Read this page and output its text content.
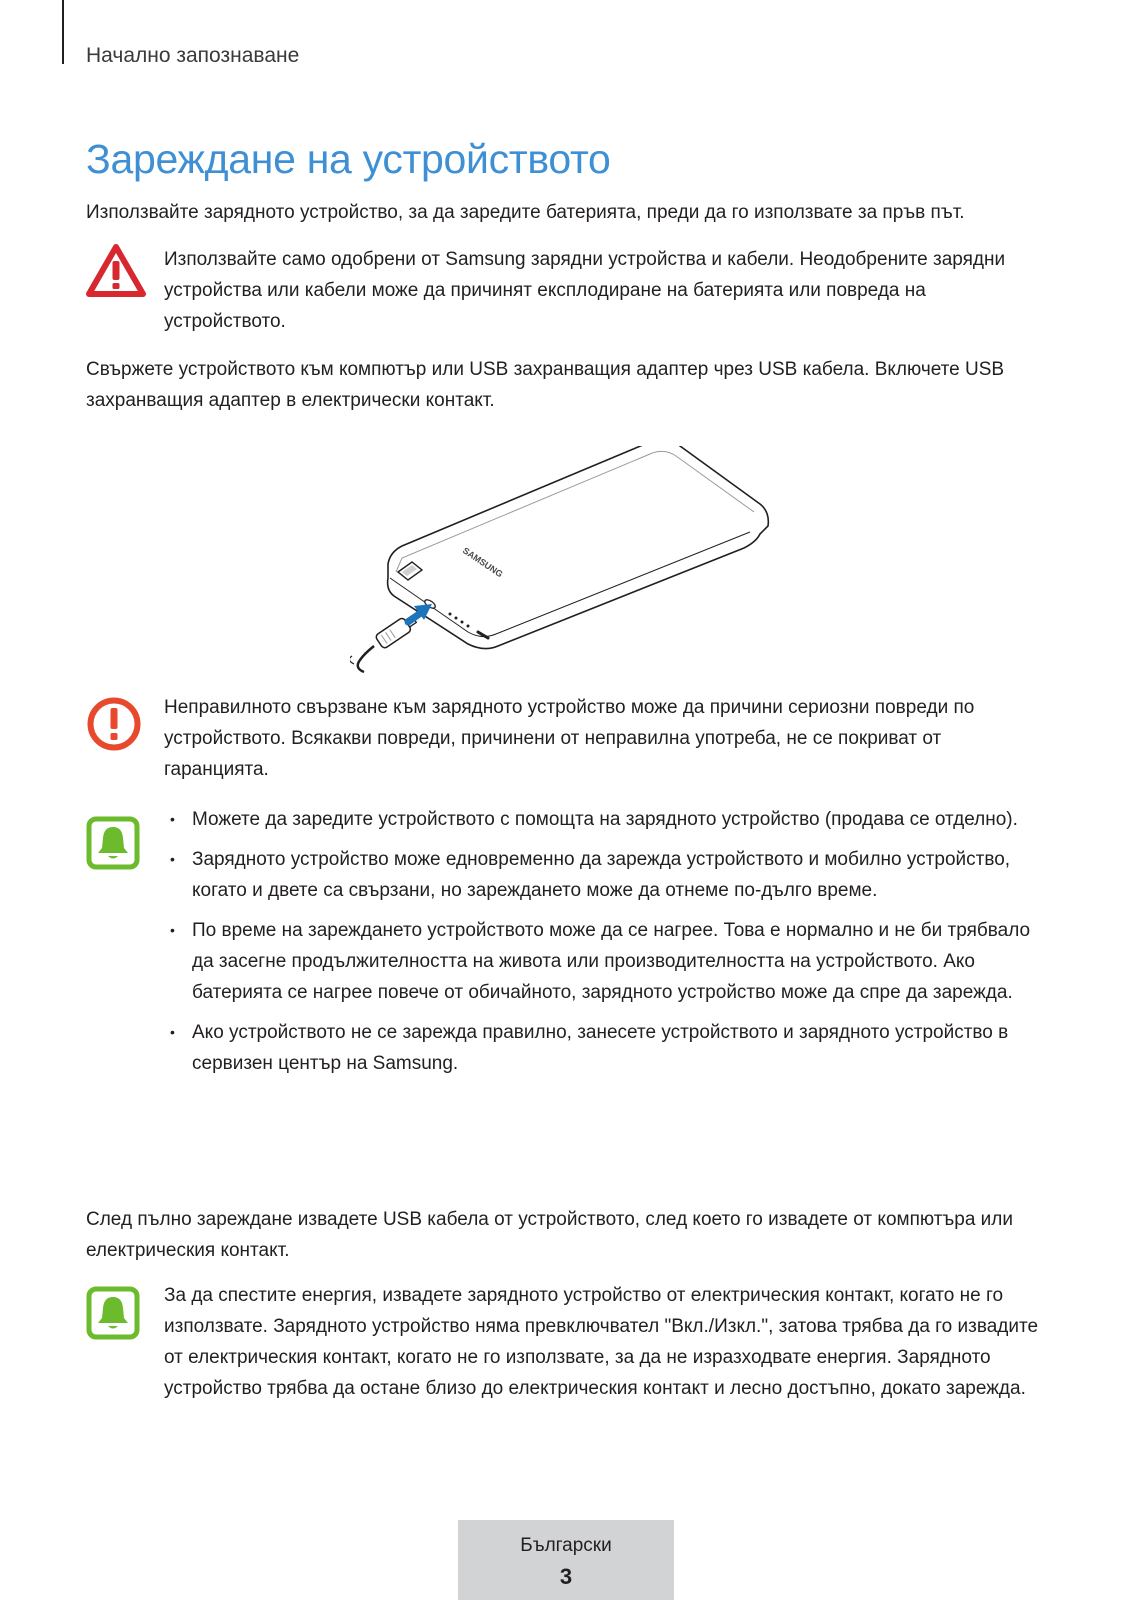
Начално запознаване
Зареждане на устройството

Използвайте зарядното устройство, за да заредите батерията, преди да го използвате за пръв път.

Използвайте само одобрени от Samsung зарядни устройства и кабели. Неодобрените зарядни устройства или кабели може да причинят експлодиране на батерията или повреда на устройството.

Свържете устройството към компютър или USB захранващия адаптер чрез USB кабела. Включете USB захранващия адаптер в електрически контакт.

SAMSUNG

Неправилното свързване към зарядното устройство може да причини сериозни повреди по устройството. Всякакви повреди, причинени от неправилна употреба, не се покриват от гаранцията.

• Можете да заредите устройството с помощта на зарядното устройство (продава се отделно).
• Зарядното устройство може едновременно да зарежда устройството и мобилно устройство, когато и двете са свързани, но зареждането може да отнеме по-дълго време.
• По време на зареждането устройството може да се нагрее. Това е нормално и не би трябвало да засегне продължителността на живота или производителността на устройството. Ако батерията се нагрее повече от обичайното, зарядното устройство може да спре да зарежда.
• Ако устройството не се зарежда правилно, занесете устройството и зарядното устройство в сервизен център на Samsung.

След пълно зареждане извадете USB кабела от устройството, след което го извадете от компютъра или електрическия контакт.

За да спестите енергия, извадете зарядното устройство от електрическия контакт, когато не го използвате. Зарядното устройство няма превключвател "Вкл./Изкл.", затова трябва да го извадите от електрическия контакт, когато не го използвате, за да не изразходвате енергия. Зарядното устройство трябва да остане близо до електрическия контакт и лесно достъпно, докато зарежда.

Български
3
